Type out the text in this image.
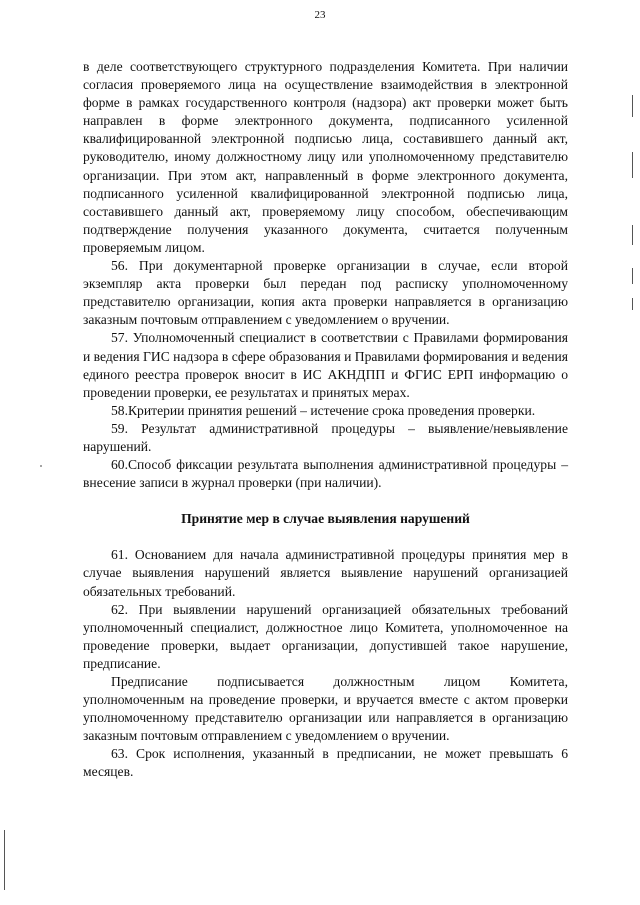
23

в деле соответствующего структурного подразделения Комитета. При наличии согласия проверяемого лица на осуществление взаимодействия в электронной форме в рамках государственного контроля (надзора) акт проверки может быть направлен в форме электронного документа, подписанного усиленной квалифицированной электронной подписью лица, составившего данный акт, руководителю, иному должностному лицу или уполномоченному представителю организации. При этом акт, направленный в форме электронного документа, подписанного усиленной квалифицированной электронной подписью лица, составившего данный акт, проверяемому лицу способом, обеспечивающим подтверждение получения указанного документа, считается полученным проверяемым лицом.

56. При документарной проверке организации в случае, если второй экземпляр акта проверки был передан под расписку уполномоченному представителю организации, копия акта проверки направляется в организацию заказным почтовым отправлением с уведомлением о вручении.

57. Уполномоченный специалист в соответствии с Правилами формирования и ведения ГИС надзора в сфере образования и Правилами формирования и ведения единого реестра проверок вносит в ИС АКНДПП и ФГИС ЕРП информацию о проведении проверки, ее результатах и принятых мерах.

58.Критерии принятия решений – истечение срока проведения проверки.

59. Результат административной процедуры – выявление/невыявление нарушений.

60.Способ фиксации результата выполнения административной процедуры – внесение записи в журнал проверки (при наличии).

Принятие мер в случае выявления нарушений

61. Основанием для начала административной процедуры принятия мер в случае выявления нарушений является выявление нарушений организацией обязательных требований.

62. При выявлении нарушений организацией обязательных требований уполномоченный специалист, должностное лицо Комитета, уполномоченное на проведение проверки, выдает организации, допустившей такое нарушение, предписание.

Предписание подписывается должностным лицом Комитета, уполномоченным на проведение проверки, и вручается вместе с актом проверки уполномоченному представителю организации или направляется в организацию заказным почтовым отправлением с уведомлением о вручении.

63. Срок исполнения, указанный в предписании, не может превышать 6 месяцев.
